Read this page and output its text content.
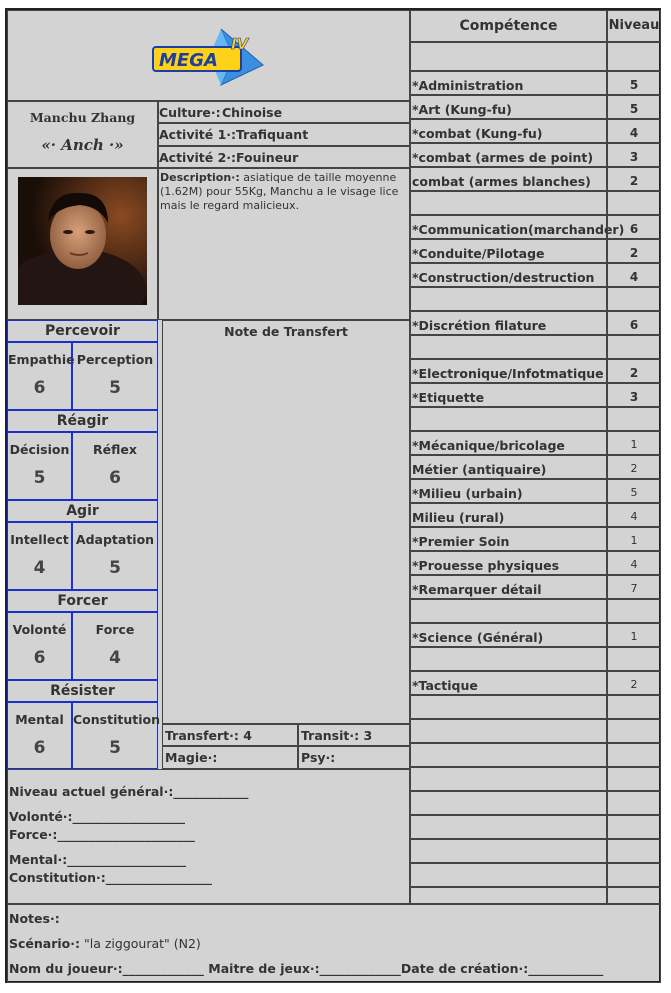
MEGA
IV
Manchu Zhang
«· Anch ·»
Culture·: Chinoise
Activité 1·: Trafiquant
Activité 2·: Fouineur
Description·: asiatique de taille moyenne (1.62M) pour 55Kg, Manchu a le visage lice mais le regard malicieux.
Percevoir
Empathie
6
Perception
5
Réagir
Décision
5
Réflex
6
Agir
Intellect
4
Adaptation
5
Forcer
Volonté
6
Force
4
Résister
Mental
6
Constitution
5
Note de Transfert
Transfert·: 4	Transit·: 3
Magie·:	Psy·:
Niveau actuel général·:____________
Volonté·:__________________
Force·:______________________
Mental·:___________________
Constitution·:_________________
Compétence	Niveau
*Administration	5
*Art (Kung-fu)	5
*combat (Kung-fu)	4
*combat (armes de point)	3
combat (armes blanches)	2
*Communication(marchander) 6
*Conduite/Pilotage	2
*Construction/destruction	4
*Discrétion filature	6
*Electronique/Infotmatique	2
*Etiquette	3
*Mécanique/bricolage	1
Métier (antiquaire)	2
*Milieu (urbain)	5
Milieu (rural)	4
*Premier Soin	1
*Prouesse physiques	4
*Remarquer détail	7
*Science (Général)	1
*Tactique	2
Notes·:
Scénario·: "la ziggourat" (N2)
Nom du joueur·:_____________ Maitre de jeux·:_____________Date de création·:____________
